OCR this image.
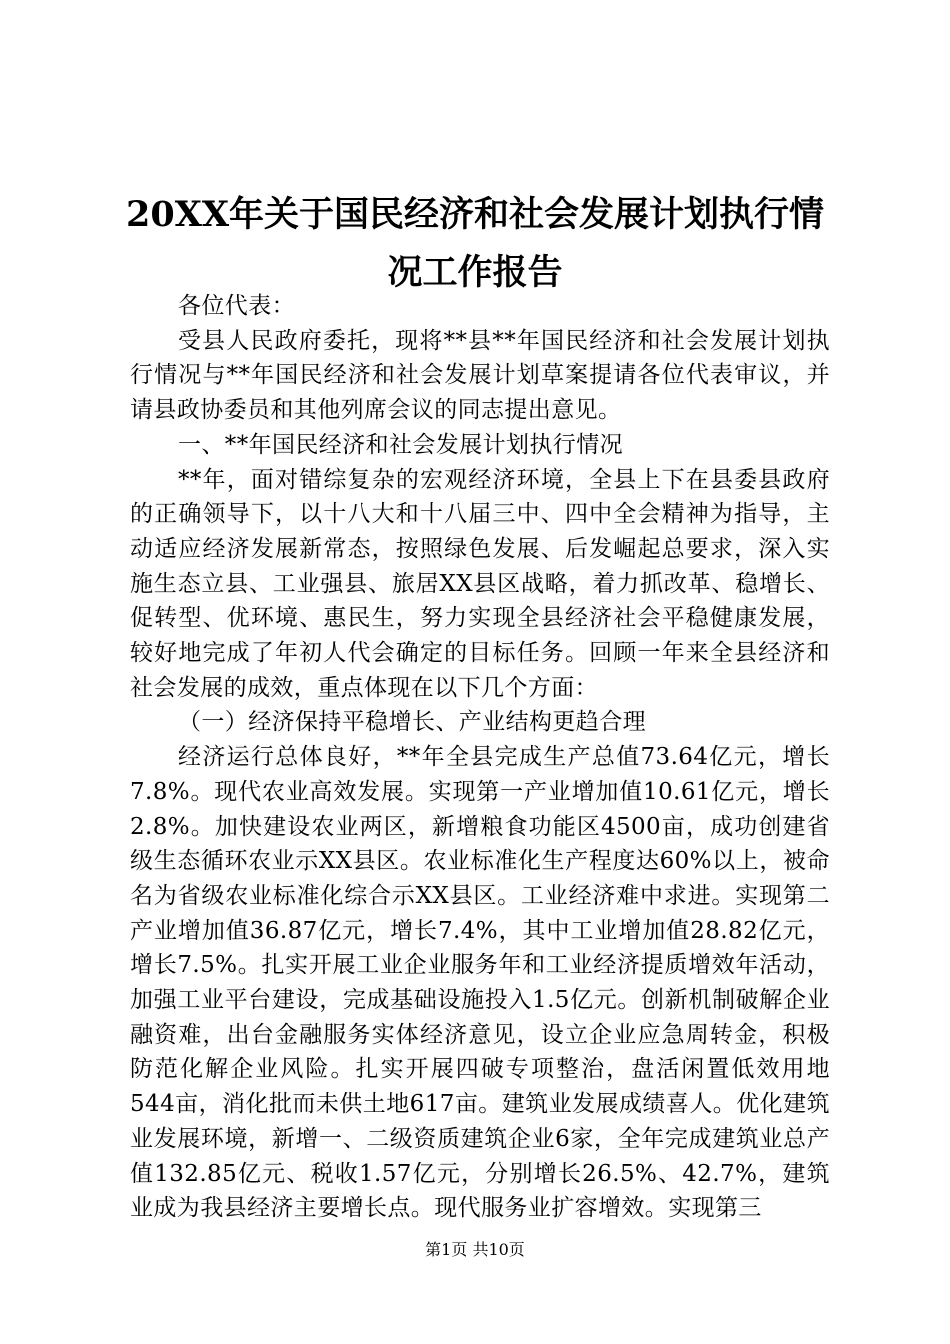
20XX年关于国民经济和社会发展计划执行情
况工作报告

各位代表：

受县人民政府委托，现将**县**年国民经济和社会发展计划执行情况与**年国民经济和社会发展计划草案提请各位代表审议，并请县政协委员和其他列席会议的同志提出意见。

一、**年国民经济和社会发展计划执行情况

**年，面对错综复杂的宏观经济环境，全县上下在县委县政府的正确领导下，以十八大和十八届三中、四中全会精神为指导，主动适应经济发展新常态，按照绿色发展、后发崛起总要求，深入实施生态立县、工业强县、旅居XX县区战略，着力抓改革、稳增长、促转型、优环境、惠民生，努力实现全县经济社会平稳健康发展，较好地完成了年初人代会确定的目标任务。回顾一年来全县经济和社会发展的成效，重点体现在以下几个方面：

（一）经济保持平稳增长、产业结构更趋合理

经济运行总体良好，**年全县完成生产总值73.64亿元，增长7.8%。现代农业高效发展。实现第一产业增加值10.61亿元，增长2.8%。加快建设农业两区，新增粮食功能区4500亩，成功创建省级生态循环农业示XX县区。农业标准化生产程度达60%以上，被命名为省级农业标准化综合示XX县区。工业经济难中求进。实现第二产业增加值36.87亿元，增长7.4%，其中工业增加值28.82亿元，增长7.5%。扎实开展工业企业服务年和工业经济提质增效年活动，加强工业平台建设，完成基础设施投入1.5亿元。创新机制破解企业融资难，出台金融服务实体经济意见，设立企业应急周转金，积极防范化解企业风险。扎实开展四破专项整治，盘活闲置低效用地544亩，消化批而未供土地617亩。建筑业发展成绩喜人。优化建筑业发展环境，新增一、二级资质建筑企业6家，全年完成建筑业总产值132.85亿元、税收1.57亿元，分别增长26.5%、42.7%，建筑业成为我县经济主要增长点。现代服务业扩容增效。实现第三

第1页 共10页
